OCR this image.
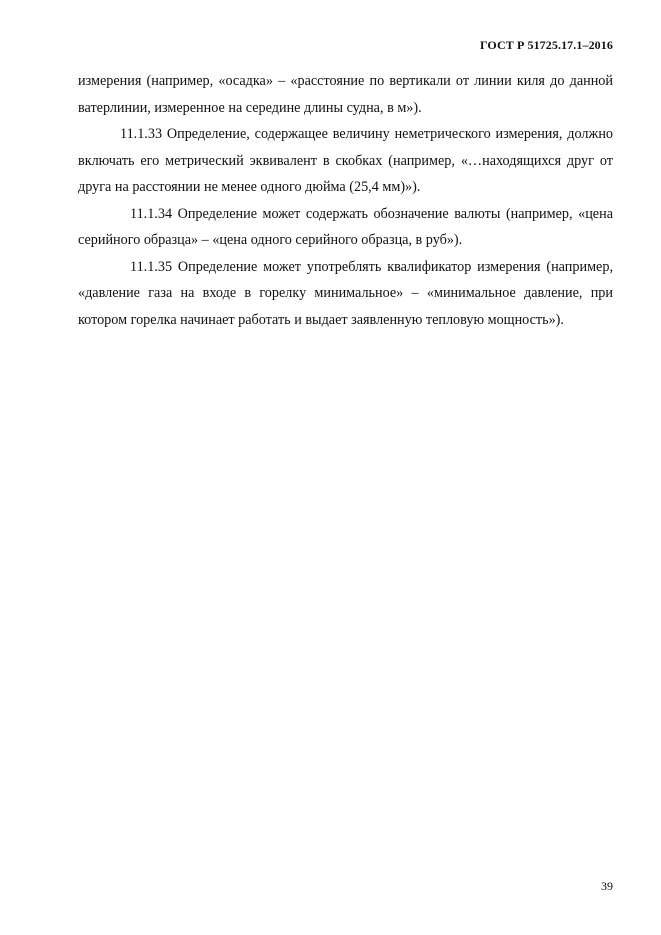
ГОСТ Р 51725.17.1–2016

измерения (например, «осадка» – «расстояние по вертикали от линии киля до данной ватерлинии, измеренное на середине длины судна, в м»).

11.1.33 Определение, содержащее величину неметрического измерения, должно включать его метрический эквивалент в скобках (например, «…находящихся друг от друга на расстоянии не менее одного дюйма (25,4 мм)»).

11.1.34 Определение может содержать обозначение валюты (например, «цена серийного образца» – «цена одного серийного образца, в руб»).

11.1.35 Определение может употреблять квалификатор измерения (например, «давление газа на входе в горелку минимальное» – «минимальное давление, при котором горелка начинает работать и выдает заявленную тепловую мощность»).

39
